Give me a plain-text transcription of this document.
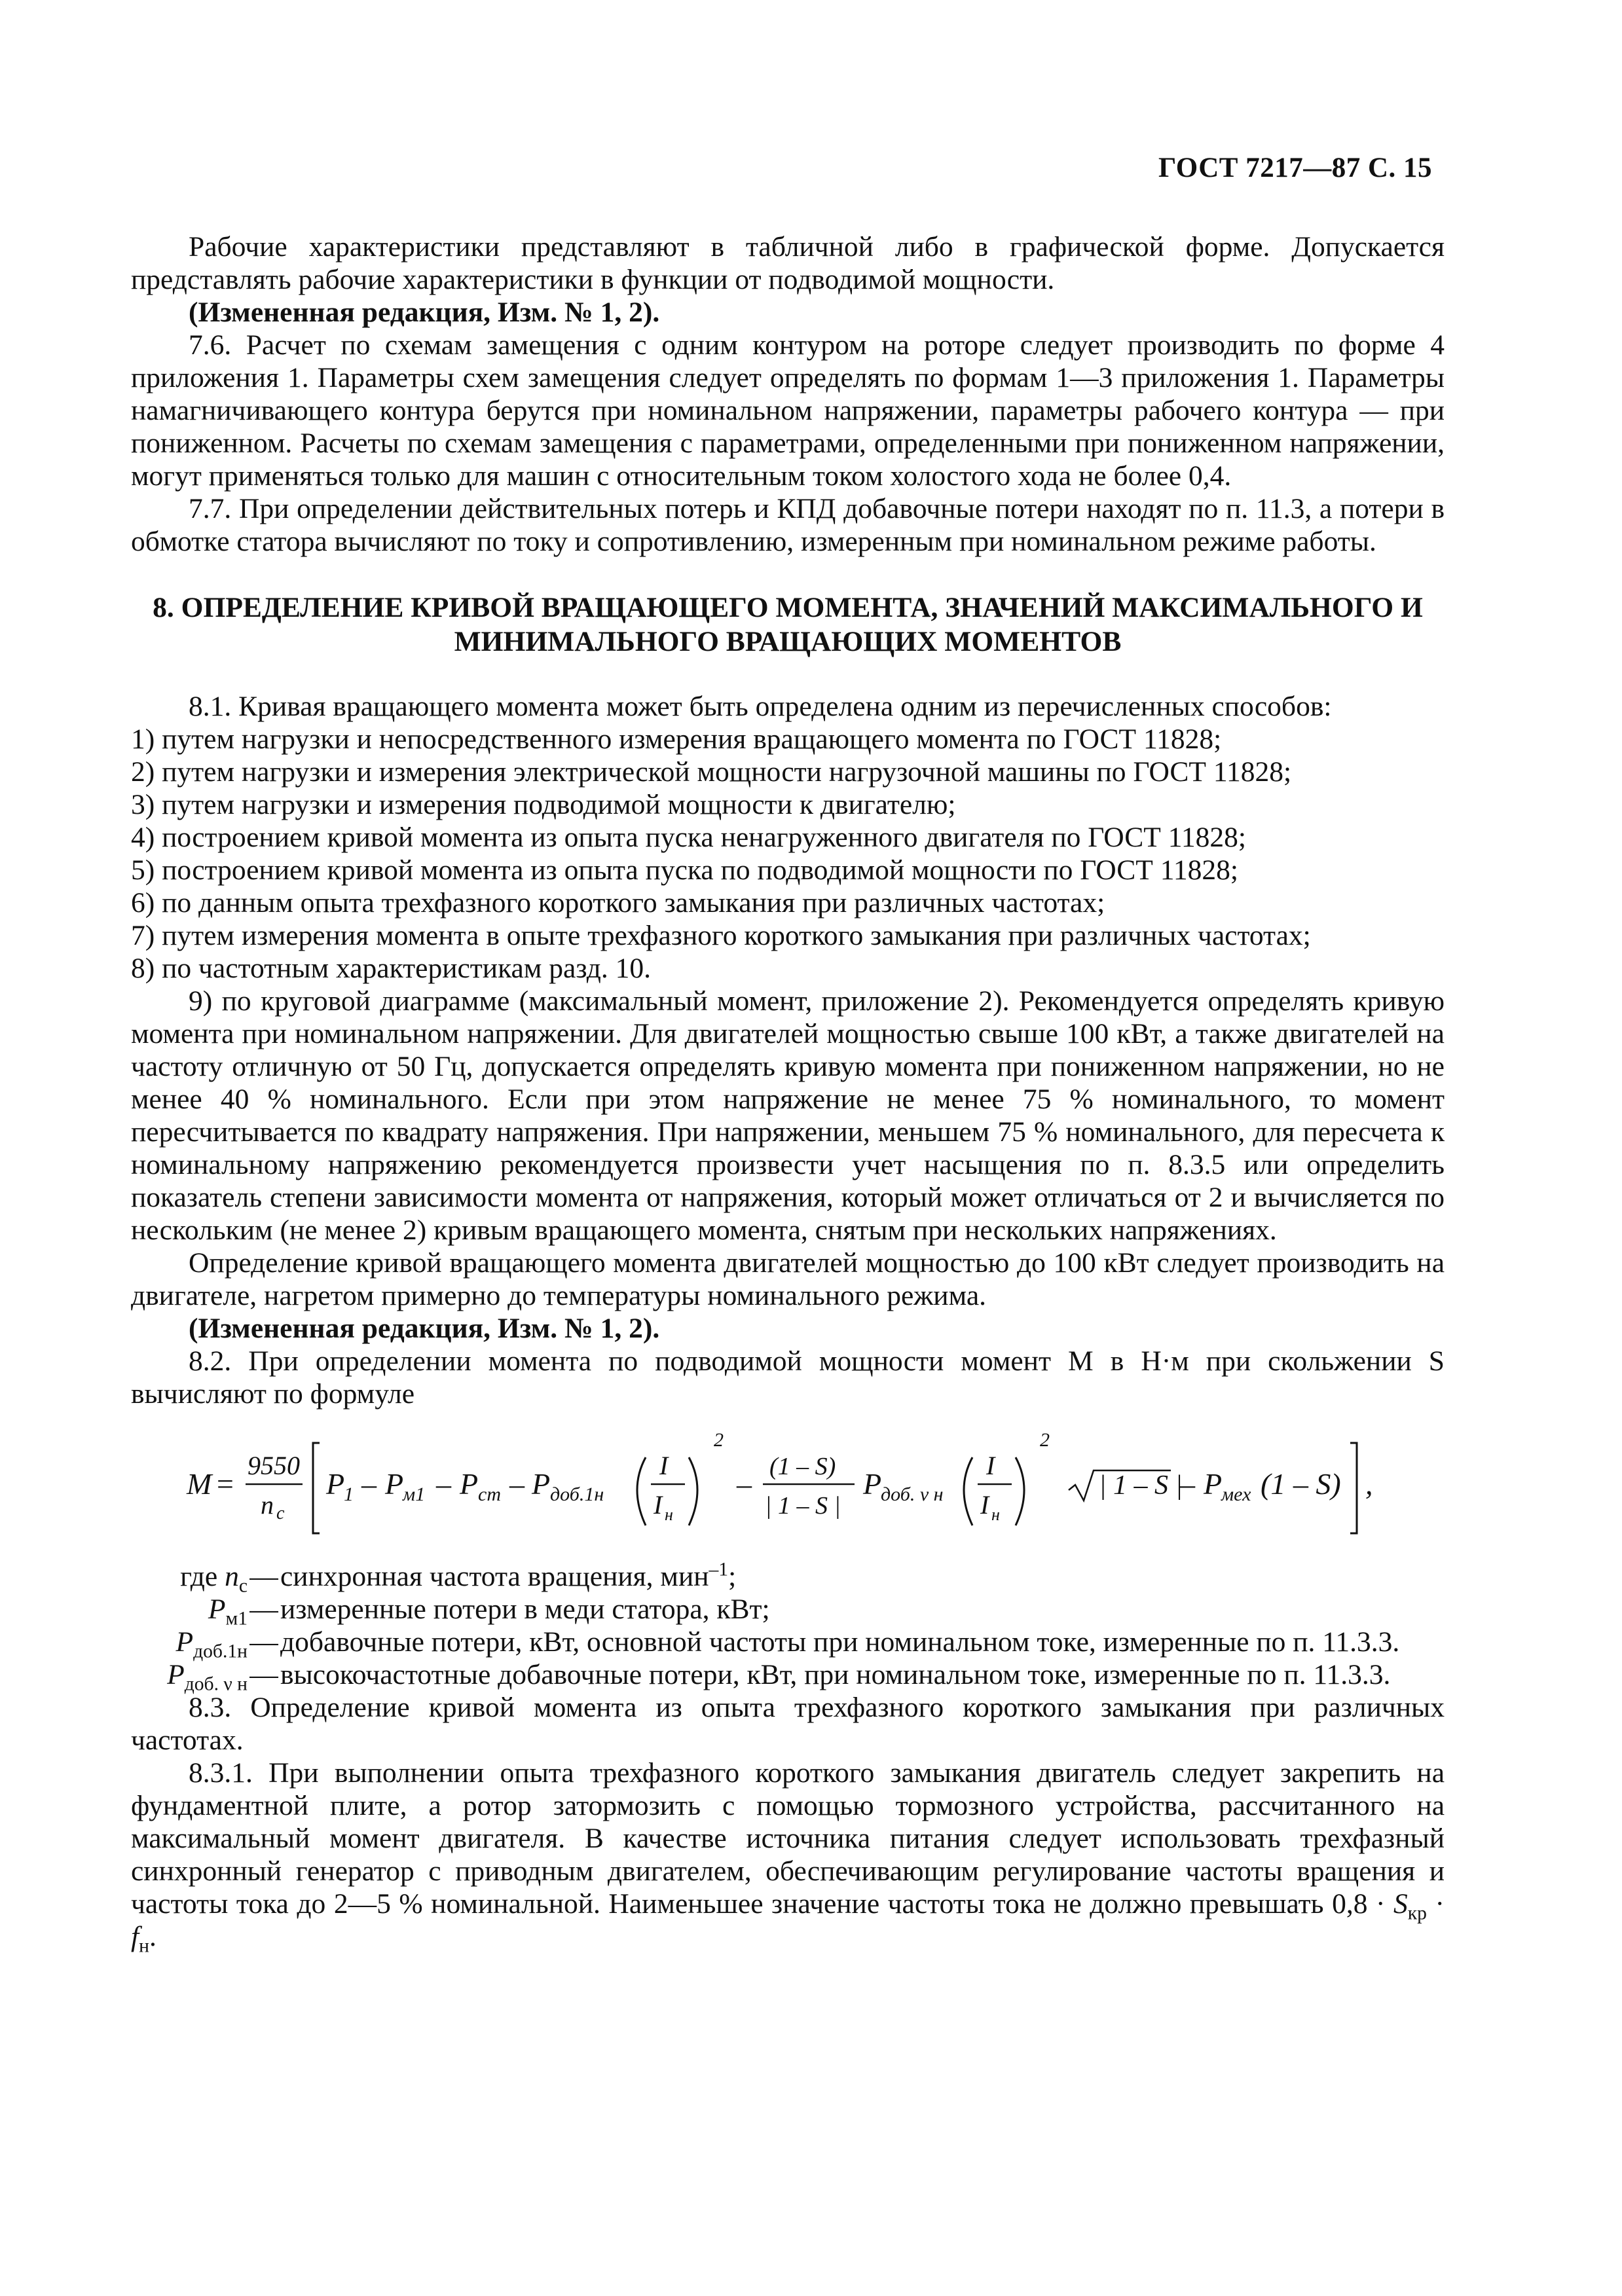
ГОСТ 7217—87 С. 15

Рабочие характеристики представляют в табличной либо в графической форме. Допускается представлять рабочие характеристики в функции от подводимой мощности.

(Измененная редакция, Изм. № 1, 2).

7.6. Расчет по схемам замещения с одним контуром на роторе следует производить по форме 4 приложения 1. Параметры схем замещения следует определять по формам 1—3 приложения 1. Параметры намагничивающего контура берутся при номинальном напряжении, параметры рабочего контура — при пониженном. Расчеты по схемам замещения с параметрами, определенными при пониженном напряжении, могут применяться только для машин с относительным током холостого хода не более 0,4.

7.7. При определении действительных потерь и КПД добавочные потери находят по п. 11.3, а потери в обмотке статора вычисляют по току и сопротивлению, измеренным при номинальном режиме работы.

8. ОПРЕДЕЛЕНИЕ КРИВОЙ ВРАЩАЮЩЕГО МОМЕНТА, ЗНАЧЕНИЙ МАКСИМАЛЬНОГО И МИНИМАЛЬНОГО ВРАЩАЮЩИХ МОМЕНТОВ

8.1. Кривая вращающего момента может быть определена одним из перечисленных способов:

1) путем нагрузки и непосредственного измерения вращающего момента по ГОСТ 11828;

2) путем нагрузки и измерения электрической мощности нагрузочной машины по ГОСТ 11828;

3) путем нагрузки и измерения подводимой мощности к двигателю;

4) построением кривой момента из опыта пуска ненагруженного двигателя по ГОСТ 11828;

5) построением кривой момента из опыта пуска по подводимой мощности по ГОСТ 11828;

6) по данным опыта трехфазного короткого замыкания при различных частотах;

7) путем измерения момента в опыте трехфазного короткого замыкания при различных частотах;

8) по частотным характеристикам разд. 10.

9) по круговой диаграмме (максимальный момент, приложение 2). Рекомендуется определять кривую момента при номинальном напряжении. Для двигателей мощностью свыше 100 кВт, а также двигателей на частоту отличную от 50 Гц, допускается определять кривую момента при пониженном напряжении, но не менее 40 % номинального. Если при этом напряжение не менее 75 % номинального, то момент пересчитывается по квадрату напряжения. При напряжении, меньшем 75 % номинального, для пересчета к номинальному напряжению рекомендуется произвести учет насыщения по п. 8.3.5 или определить показатель степени зависимости момента от напряжения, который может отличаться от 2 и вычисляется по нескольким (не менее 2) кривым вращающего момента, снятым при нескольких напряжениях.

Определение кривой вращающего момента двигателей мощностью до 100 кВт следует производить на двигателе, нагретом примерно до температуры номинального режима.

(Измененная редакция, Изм. № 1, 2).

8.2. При определении момента по подводимой мощности момент М в Н·м при скольжении S вычисляют по формуле

M =
9550
n c
P
1 – P
м1 – P ст – P доб.1н
I
I н
2
–
(1 – S)
| 1 – S |
P
доб. ν н
I
I н
2
| 1 – S |
– P
мех (1 – S) ,
где $n_с$ — синхронная частота вращения, мин$^{-1}$;
$P_{м1}$ — измеренные потери в меди статора, кВт;
$P_{доб.1н}$ — добавочные потери, кВт, основной частоты при номинальном токе, измеренные по п. 11.3.3.
$P_{доб. \nu н}$ — высокочастотные добавочные потери, кВт, при номинальном токе, измеренные по п. 11.3.3.

8.3. Определение кривой момента из опыта трехфазного короткого замыкания при различных частотах.

8.3.1. При выполнении опыта трехфазного короткого замыкания двигатель следует закрепить на фундаментной плите, а ротор затормозить с помощью тормозного устройства, рассчитанного на максимальный момент двигателя. В качестве источника питания следует использовать трехфазный синхронный генератор с приводным двигателем, обеспечивающим регулирование частоты вращения и частоты тока до 2—5 % номинальной. Наименьшее значение частоты тока не должно превышать $0,8 \cdot S_{кр} \cdot f_н$.
